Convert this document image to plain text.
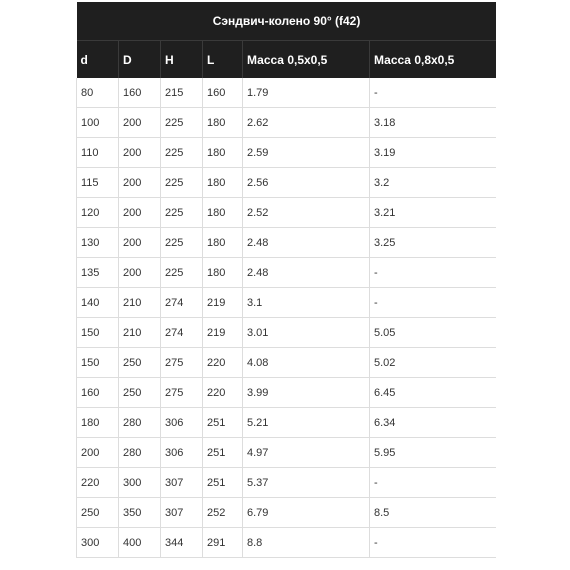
Сэндвич-колено 90° (f42)					
d	D	H	L	Масса 0,5х0,5	Масса 0,8х0,5
80	160	215	160	1.79	-
100	200	225	180	2.62	3.18
110	200	225	180	2.59	3.19
115	200	225	180	2.56	3.2
120	200	225	180	2.52	3.21
130	200	225	180	2.48	3.25
135	200	225	180	2.48	-
140	210	274	219	3.1	-
150	210	274	219	3.01	5.05
150	250	275	220	4.08	5.02
160	250	275	220	3.99	6.45
180	280	306	251	5.21	6.34
200	280	306	251	4.97	5.95
220	300	307	251	5.37	-
250	350	307	252	6.79	8.5
300	400	344	291	8.8	-
